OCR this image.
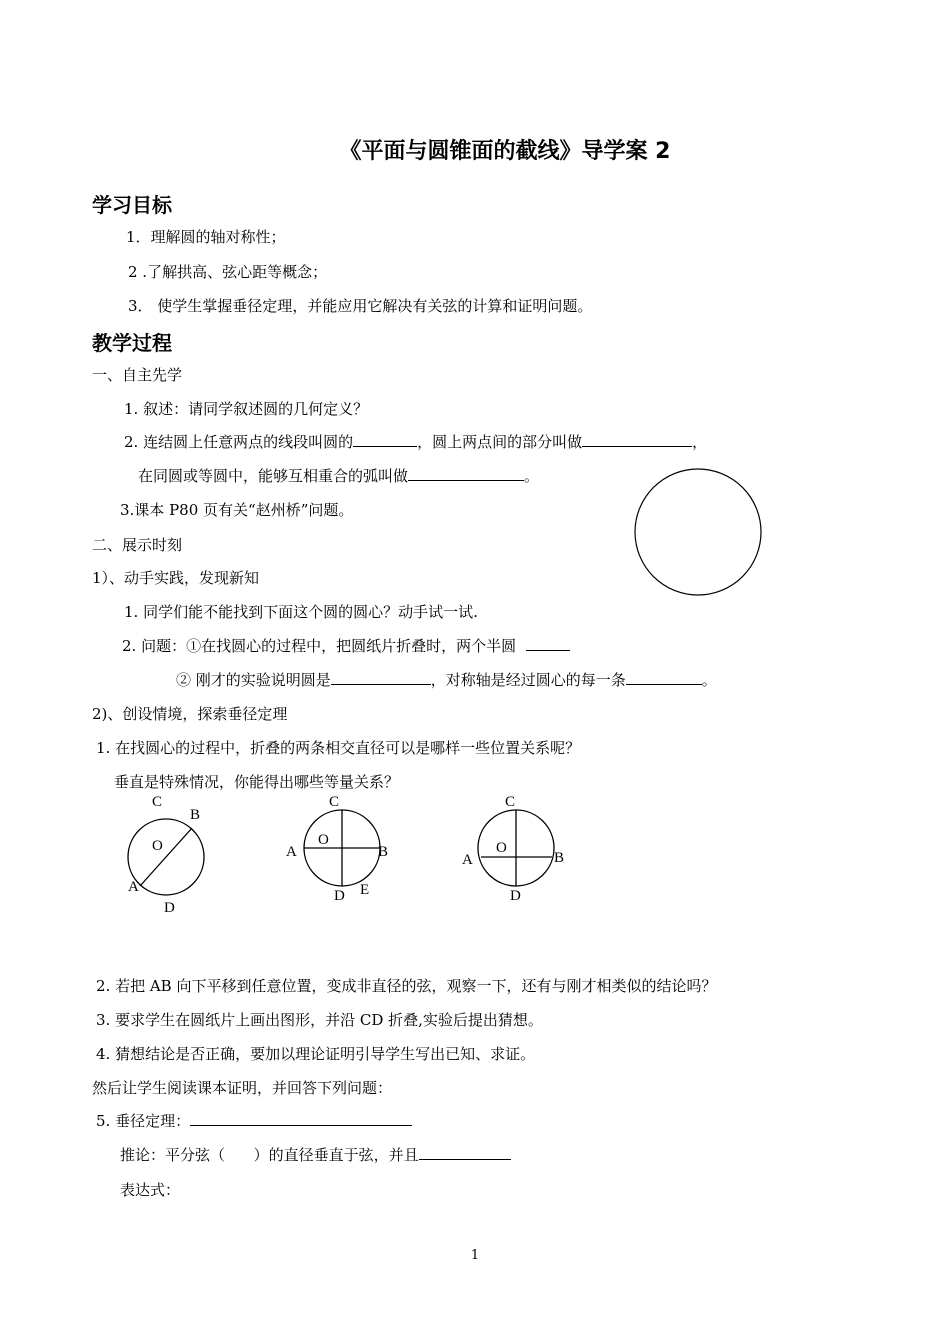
《平面与圆锥面的截线》导学案 2
学习目标
1．理解圆的轴对称性；
2 .了解拱高、弦心距等概念；
3． 使学生掌握垂径定理，并能应用它解决有关弦的计算和证明问题。
教学过程
一、自主先学
1. 叙述：请同学叙述圆的几何定义？
2. 连结圆上任意两点的线段叫圆的	，圆上两点间的部分叫做	，
在同圆或等圆中，能够互相重合的弧叫做	。
3.课本 P80 页有关“赵州桥”问题。
二、展示时刻
1）、动手实践，发现新知
1. 同学们能不能找到下面这个圆的圆心？动手试一试.
2. 问题：①在找圆心的过程中，把圆纸片折叠时，两个半圆
② 刚才的实验说明圆是	，对称轴是经过圆心的每一条	。
2)、创设情境，探索垂径定理
1. 在找圆心的过程中，折叠的两条相交直径可以是哪样一些位置关系呢？
垂直是特殊情况，你能得出哪些等量关系？
C
B
O
A
D
C
O
A	B
D E
C
O
A	B
D
2. 若把 AB 向下平移到任意位置，变成非直径的弦，观察一下，还有与刚才相类似的结论吗？
3. 要求学生在圆纸片上画出图形，并沿 CD 折叠,实验后提出猜想。
4. 猜想结论是否正确，要加以理论证明引导学生写出已知、求证。
然后让学生阅读课本证明，并回答下列问题：
5. 垂径定理：
推论：平分弦（ ）的直径垂直于弦，并且
表达式：
1
